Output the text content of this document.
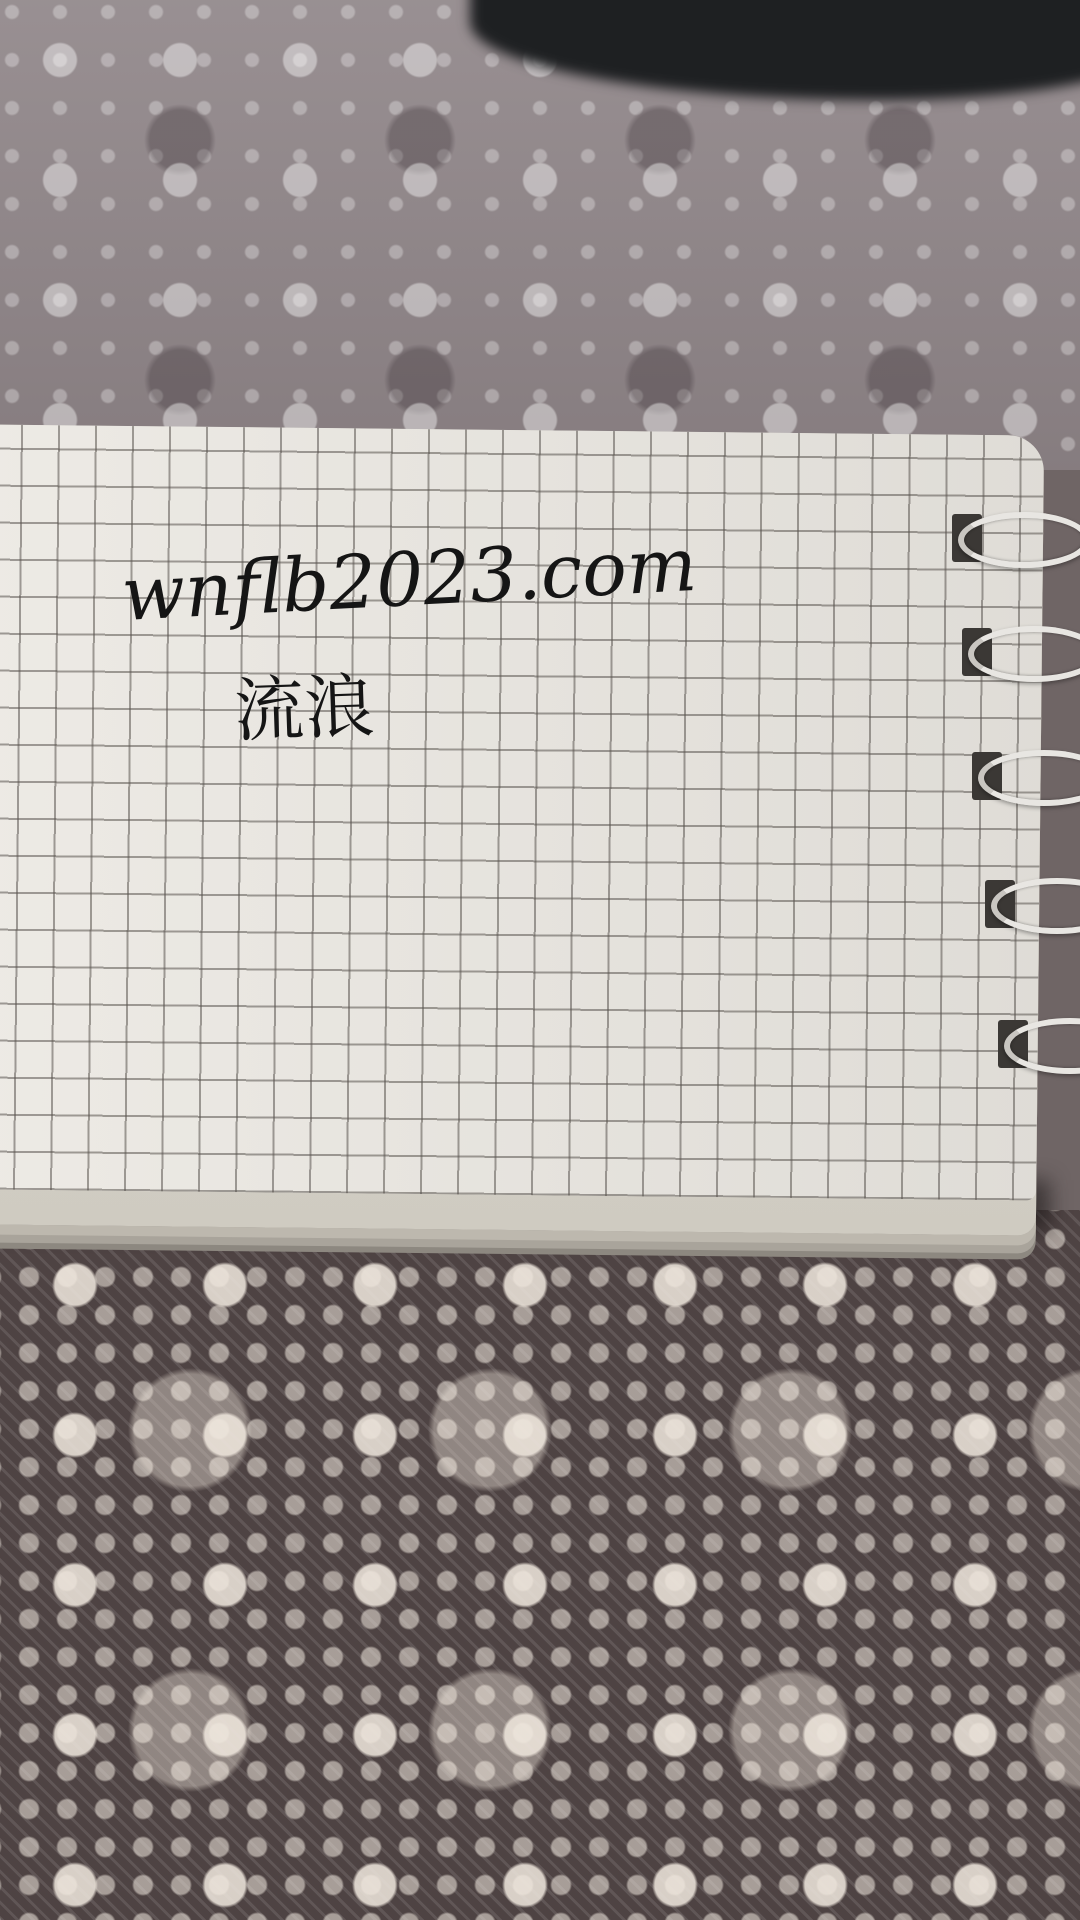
wnflb2023.com
流浪
